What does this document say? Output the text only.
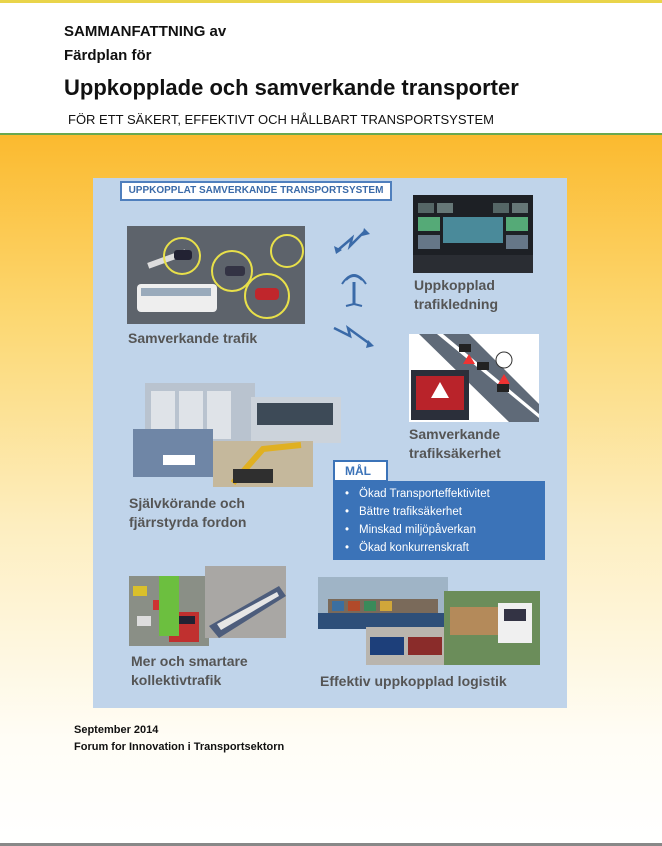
SAMMANFATTNING av
Färdplan för
Uppkopplade och samverkande transporter
FÖR ETT SÄKERT, EFFEKTIVT OCH HÅLLBART TRANSPORTSYSTEM
UPPKOPPLAT SAMVERKANDE TRANSPORTSYSTEM
Samverkande trafik
Uppkopplad
trafikledning
Samverkande
trafiksäkerhet
Självkörande och
fjärrstyrda fordon
MÅL
• Ökad Transporteffektivitet
• Bättre trafiksäkerhet
• Minskad miljöpåverkan
• Ökad konkurrenskraft
Mer och smartare
kollektivtrafik	Effektiv uppkopplad logistik
September 2014
Forum for Innovation i Transportsektorn
